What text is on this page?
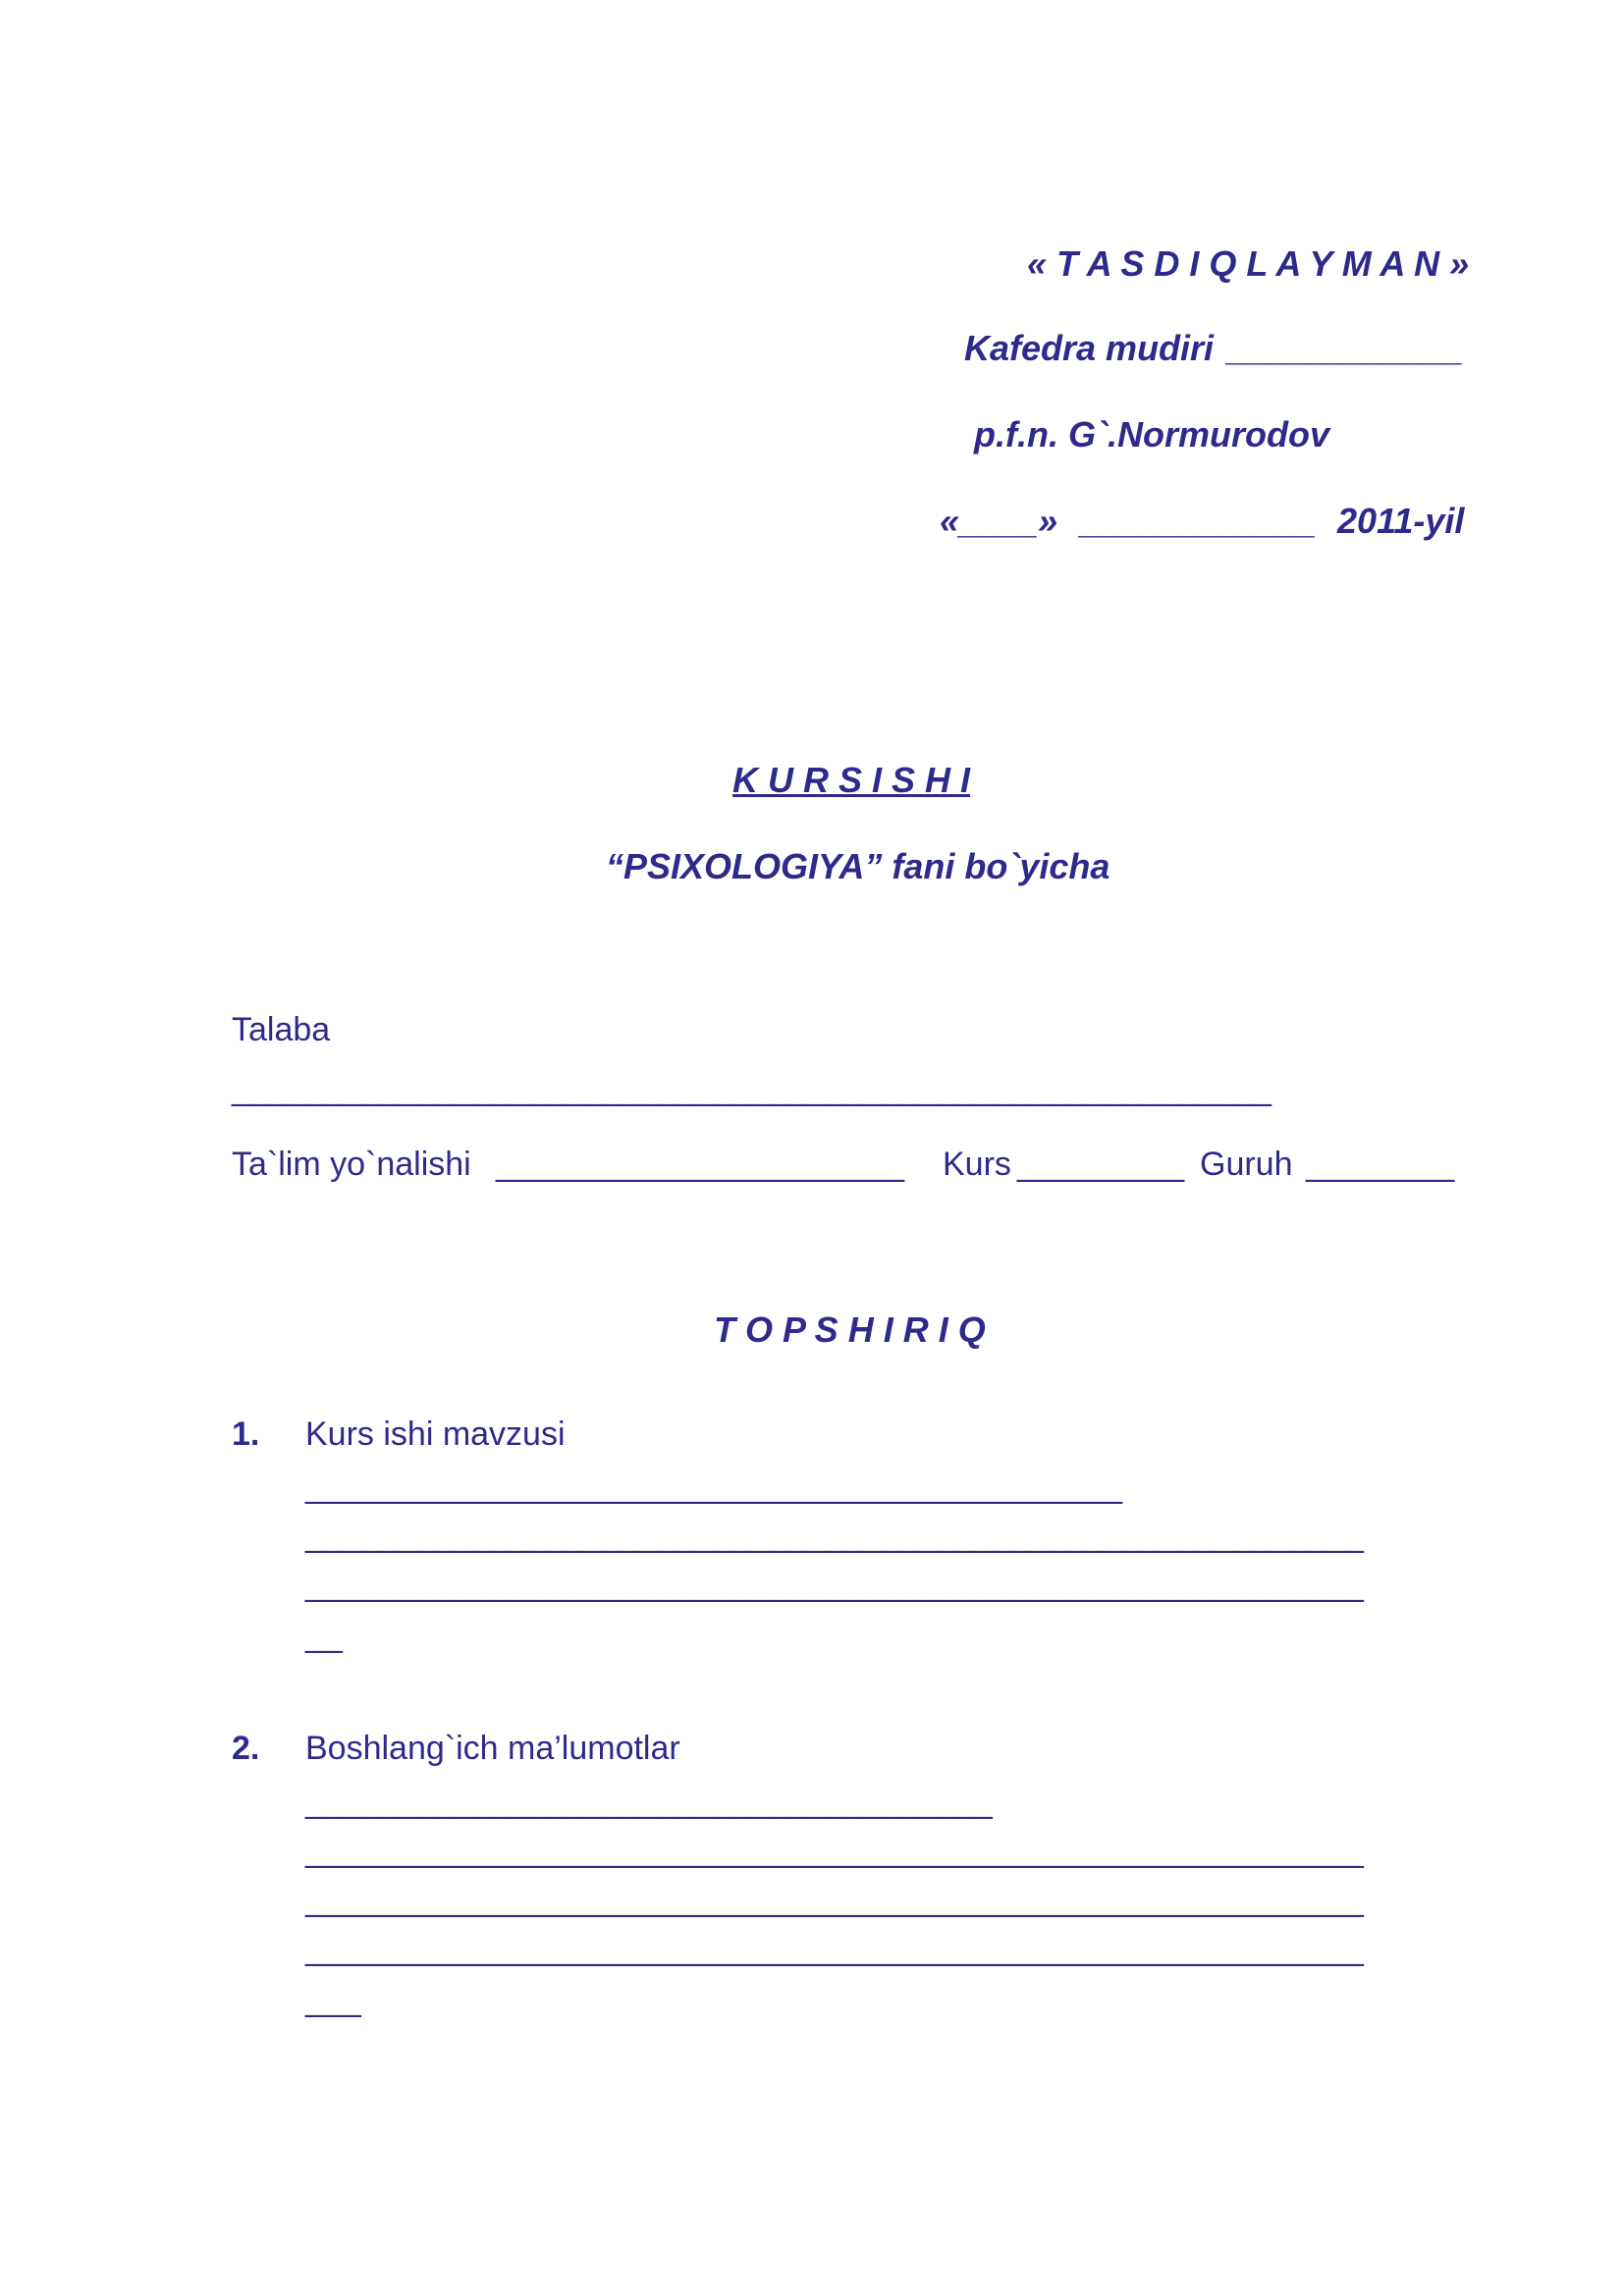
« T A S D I Q L A Y M A N »
Kafedra mudiri ____________
p.f.n. G`.Normurodov
«____» ____________ 2011-yil
K U R S I S H I
“PSIXOLOGIYA” fani bo`yicha
Talaba
________________________________________________________
Ta`lim yo`nalishi ______________________ Kurs _________ Guruh ________
T O P S H I R I Q
1. Kurs ishi mavzusi
____________________________________________
_________________________________________________________
_________________________________________________________
__
2. Boshlang`ich ma’lumotlar
_____________________________________
_________________________________________________________
_________________________________________________________
_________________________________________________________
___
